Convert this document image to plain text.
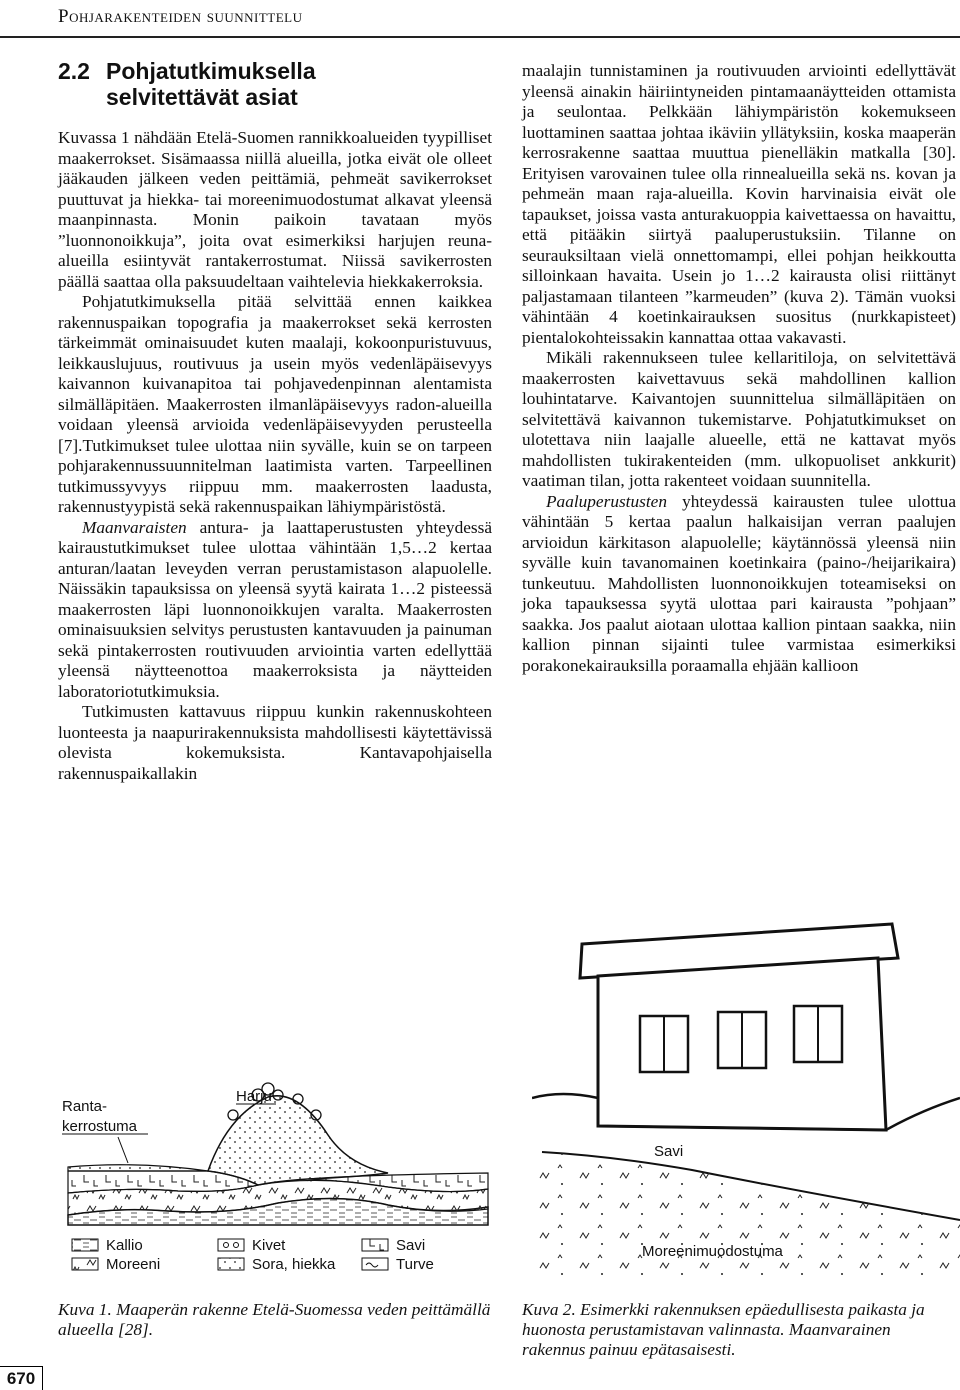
Pohjarakenteiden suunnittelu
2.2 Pohjatutkimuksella
selvitettävät asiat

Kuvassa 1 nähdään Etelä-Suomen rannikkoalueiden tyypilliset maakerrokset. Sisämaassa niillä alueilla, jotka eivät ole olleet jääkauden jälkeen veden peittämiä, pehmeät savikerrokset puuttuvat ja hiekka- tai moreenimuodostumat alkavat yleensä maanpinnasta. Monin paikoin tavataan myös ”luonnonoikkuja”, joita ovat esimerkiksi harjujen reuna-alueilla esiintyvät rantakerrostumat. Niissä savikerrosten päällä saattaa olla paksuudeltaan vaihtelevia hiekkakerroksia.

Pohjatutkimuksella pitää selvittää ennen kaikkea rakennuspaikan topografia ja maakerrokset sekä kerrosten tärkeimmät ominaisuudet kuten maalaji, kokoonpuristuvuus, leikkauslujuus, routivuus ja usein myös vedenläpäisevyys kaivannon kuivanapitoa tai pohjavedenpinnan alentamista silmälläpitäen. Maakerrosten ilmanläpäisevyys radon-alueilla voidaan yleensä arvioida vedenläpäisevyyden perusteella [7].Tutkimukset tulee ulottaa niin syvälle, kuin se on tarpeen pohjarakennussuunnitelman laatimista varten. Tarpeellinen tutkimussyvyys riippuu mm. maakerrosten laadusta, rakennustyypistä sekä rakennuspaikan lähiympäristöstä.

Maanvaraisten antura- ja laattaperustusten yhteydessä kairaustutkimukset tulee ulottaa vähintään 1,5…2 kertaa anturan/laatan leveyden verran perustamistason alapuolelle. Näissäkin tapauksissa on yleensä syytä kairata 1…2 pisteessä maakerrosten läpi luonnonoikkujen varalta. Maakerrosten ominaisuuksien selvitys perustusten kantavuuden ja painuman sekä pintakerrosten routivuuden arviointia varten edellyttää yleensä näytteenottoa maakerroksista ja näytteiden laboratoriotutkimuksia.

Tutkimusten kattavuus riippuu kunkin rakennuskohteen luonteesta ja naapurirakennuksista mahdollisesti käytettävissä olevista kokemuksista. Kantavapohjaisella rakennuspaikallakin

maalajin tunnistaminen ja routivuuden arviointi edellyttävät yleensä ainakin häiriintyneiden pintamaanäytteiden ottamista ja seulontaa. Pelkkään lähiympäristön kokemukseen luottaminen saattaa johtaa ikäviin yllätyksiin, koska maaperän kerrosrakenne saattaa muuttua pienelläkin matkalla [30]. Erityisen varovainen tulee olla rinnealueilla sekä ns. kovan ja pehmeän maan raja-alueilla. Kovin harvinaisia eivät ole tapaukset, joissa vasta anturakuoppia kaivettaessa on havaittu, että pitääkin siirtyä paaluperustuksiin. Tilanne on seurauksiltaan vielä onnettomampi, ellei pohjan heikkoutta silloinkaan havaita. Usein jo 1…2 kairausta olisi riittänyt paljastamaan tilanteen ”karmeuden” (kuva 2). Tämän vuoksi vähintään 4 koetinkairauksen suositus (nurkkapisteet) pientalokohteissakin kannattaa ottaa vakavasti.

Mikäli rakennukseen tulee kellaritiloja, on selvitettävä maakerrosten kaivettavuus sekä mahdollinen kallion louhintatarve. Kaivantojen suunnittelua silmälläpitäen on selvitettävä kaivannon tukemistarve. Pohjatutkimukset on ulotettava niin laajalle alueelle, että ne kattavat myös mahdollisten tukirakenteiden (mm. ulkopuoliset ankkurit) vaatiman tilan, jotta rakenteet voidaan suunnitella.

Paaluperustusten yhteydessä kairausten tulee ulottua vähintään 5 kertaa paalun halkaisijan verran paalujen arvioidun kärkitason alapuolelle; käytännössä yleensä niin syvälle kuin tavanomainen koetinkaira (paino-/heijarikaira) tunkeutuu. Mahdollisten luonnonoikkujen toteamiseksi on joka tapauksessa syytä ulottaa pari kairausta ”pohjaan” saakka. Jos paalut aiotaan ulottaa kallion pintaan saakka, niin kallion pinnan sijainti tulee varmistaa esimerkiksi porakonekairauksilla poraamalla ehjään kallioon

Ranta-
kerrostuma
Harju
Kallio
Moreeni
Kivet
Sora, hiekka
Savi
Turve
Kuva 1. Maaperän rakenne Etelä-Suomessa veden peittämällä alueella [28].
Savi
Moreenimuodostuma
Kuva 2. Esimerkki rakennuksen epäedullisesta paikasta ja huonosta perustamistavan valinnasta. Maanvarainen rakennus painuu epätasaisesti.
670
